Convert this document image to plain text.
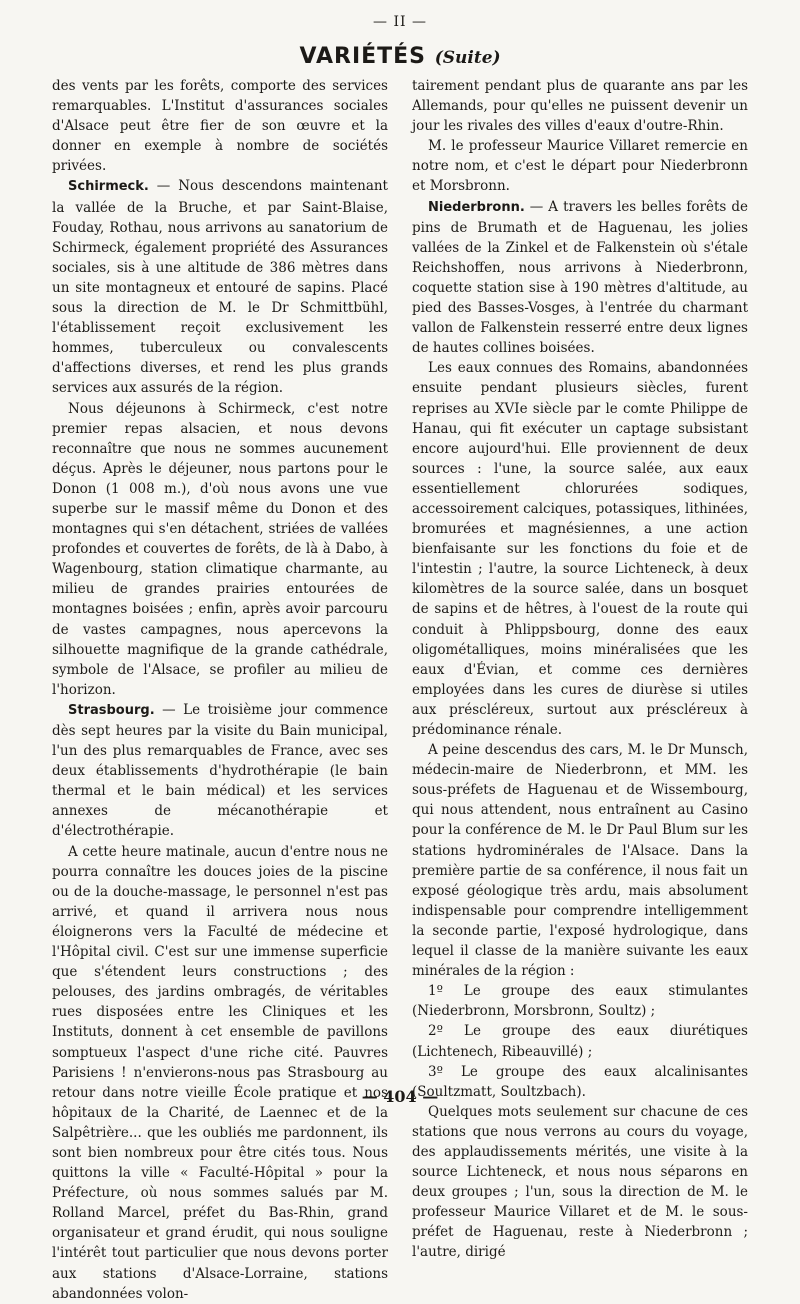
— II —
VARIÉTÉS (Suite)

des vents par les forêts, comporte des services remarquables. L'Institut d'assurances sociales d'Alsace peut être fier de son œuvre et la donner en exemple à nombre de sociétés privées.

Schirmeck. — Nous descendons maintenant la vallée de la Bruche, et par Saint-Blaise, Fouday, Rothau, nous arrivons au sanatorium de Schirmeck, également propriété des Assurances sociales, sis à une altitude de 386 mètres dans un site montagneux et entouré de sapins. Placé sous la direction de M. le Dr Schmittbühl, l'établissement reçoit exclusivement les hommes, tuberculeux ou convalescents d'affections diverses, et rend les plus grands services aux assurés de la région.

Nous déjeunons à Schirmeck, c'est notre premier repas alsacien, et nous devons reconnaître que nous ne sommes aucunement déçus. Après le déjeuner, nous partons pour le Donon (1 008 m.), d'où nous avons une vue superbe sur le massif même du Donon et des montagnes qui s'en détachent, striées de vallées profondes et couvertes de forêts, de là à Dabo, à Wagenbourg, station climatique charmante, au milieu de grandes prairies entourées de montagnes boisées ; enfin, après avoir parcouru de vastes campagnes, nous apercevons la silhouette magnifique de la grande cathédrale, symbole de l'Alsace, se profiler au milieu de l'horizon.

Strasbourg. — Le troisième jour commence dès sept heures par la visite du Bain municipal, l'un des plus remarquables de France, avec ses deux établissements d'hydrothérapie (le bain thermal et le bain médical) et les services annexes de mécanothérapie et d'électrothérapie.

A cette heure matinale, aucun d'entre nous ne pourra connaître les douces joies de la piscine ou de la douche-massage, le personnel n'est pas arrivé, et quand il arrivera nous nous éloignerons vers la Faculté de médecine et l'Hôpital civil. C'est sur une immense superficie que s'étendent leurs constructions ; des pelouses, des jardins ombragés, de véritables rues disposées entre les Cliniques et les Instituts, donnent à cet ensemble de pavillons somptueux l'aspect d'une riche cité. Pauvres Parisiens ! n'envierons-nous pas Strasbourg au retour dans notre vieille École pratique et nos hôpitaux de la Charité, de Laennec et de la Salpêtrière... que les oubliés me pardonnent, ils sont bien nombreux pour être cités tous. Nous quittons la ville « Faculté-Hôpital » pour la Préfecture, où nous sommes salués par M. Rolland Marcel, préfet du Bas-Rhin, grand organisateur et grand érudit, qui nous souligne l'intérêt tout particulier que nous devons porter aux stations d'Alsace-Lorraine, stations abandonnées volon-

tairement pendant plus de quarante ans par les Allemands, pour qu'elles ne puissent devenir un jour les rivales des villes d'eaux d'outre-Rhin.

M. le professeur Maurice Villaret remercie en notre nom, et c'est le départ pour Niederbronn et Morsbronn.

Niederbronn. — A travers les belles forêts de pins de Brumath et de Haguenau, les jolies vallées de la Zinkel et de Falkenstein où s'étale Reichshoffen, nous arrivons à Niederbronn, coquette station sise à 190 mètres d'altitude, au pied des Basses-Vosges, à l'entrée du charmant vallon de Falkenstein resserré entre deux lignes de hautes collines boisées.

Les eaux connues des Romains, abandonnées ensuite pendant plusieurs siècles, furent reprises au XVIe siècle par le comte Philippe de Hanau, qui fit exécuter un captage subsistant encore aujourd'hui. Elle proviennent de deux sources : l'une, la source salée, aux eaux essentiellement chlorurées sodiques, accessoirement calciques, potassiques, lithinées, bromurées et magnésiennes, a une action bienfaisante sur les fonctions du foie et de l'intestin ; l'autre, la source Lichteneck, à deux kilomètres de la source salée, dans un bosquet de sapins et de hêtres, à l'ouest de la route qui conduit à Phlippsbourg, donne des eaux oligométalliques, moins minéralisées que les eaux d'Évian, et comme ces dernières employées dans les cures de diurèse si utiles aux préscléreux, surtout aux préscléreux à prédominance rénale.

A peine descendus des cars, M. le Dr Munsch, médecin-maire de Niederbronn, et MM. les sous-préfets de Haguenau et de Wissembourg, qui nous attendent, nous entraînent au Casino pour la conférence de M. le Dr Paul Blum sur les stations hydrominérales de l'Alsace. Dans la première partie de sa conférence, il nous fait un exposé géologique très ardu, mais absolument indispensable pour comprendre intelligemment la seconde partie, l'exposé hydrologique, dans lequel il classe de la manière suivante les eaux minérales de la région :

1º Le groupe des eaux stimulantes (Niederbronn, Morsbronn, Soultz) ;

2º Le groupe des eaux diurétiques (Lichtenech, Ribeauvillé) ;

3º Le groupe des eaux alcalinisantes (Soultzmatt, Soultzbach).

Quelques mots seulement sur chacune de ces stations que nous verrons au cours du voyage, des applaudissements mérités, une visite à la source Lichteneck, et nous nous séparons en deux groupes ; l'un, sous la direction de M. le professeur Maurice Villaret et de M. le sous-préfet de Haguenau, reste à Niederbronn ; l'autre, dirigé

— 404 —
